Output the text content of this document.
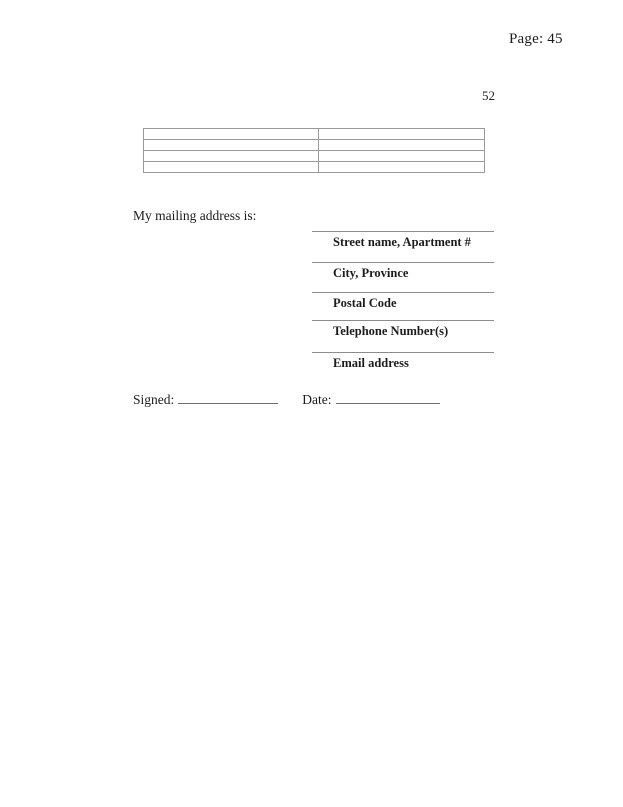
Page: 45
52

My mailing address is:
Street name, Apartment #
City, Province
Postal Code
Telephone Number(s)
Email address
Signed:	Date:
